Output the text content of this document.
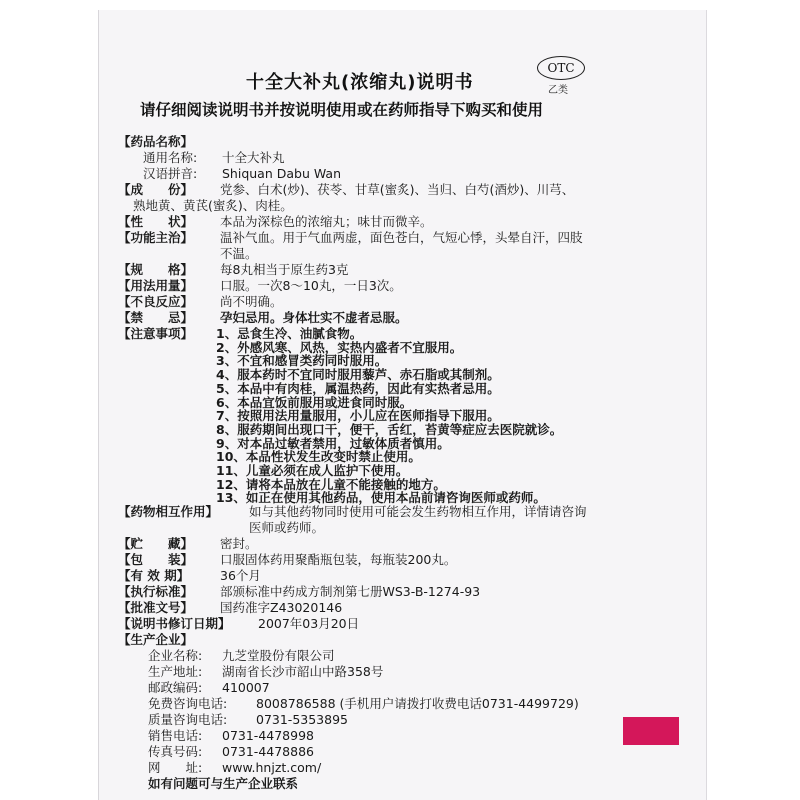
十全大补丸(浓缩丸)说明书
OTC
乙类
请仔细阅读说明书并按说明使用或在药师指导下购买和使用
【药品名称】
通用名称: 十全大补丸
汉语拼音: Shiquan Dabu Wan
【成　　份】 党参、白术(炒)、茯苓、甘草(蜜炙)、当归、白芍(酒炒)、川芎、
熟地黄、黄芪(蜜炙)、肉桂。
【性　　状】 本品为深棕色的浓缩丸；味甘而微辛。
【功能主治】 温补气血。用于气血两虚，面色苍白，气短心悸，头晕自汗，四肢
不温。
【规　　格】 每8丸相当于原生药3克
【用法用量】 口服。一次8～10丸，一日3次。
【不良反应】 尚不明确。
【禁　　忌】 孕妇忌用。身体壮实不虚者忌服。
【注意事项】 1、忌食生冷、油腻食物。
2、外感风寒、风热，实热内盛者不宜服用。
3、不宜和感冒类药同时服用。
4、服本药时不宜同时服用藜芦、赤石脂或其制剂。
5、本品中有肉桂，属温热药，因此有实热者忌用。
6、本品宜饭前服用或进食同时服。
7、按照用法用量服用，小儿应在医师指导下服用。
8、服药期间出现口干，便干，舌红，苔黄等症应去医院就诊。
9、对本品过敏者禁用，过敏体质者慎用。
10、本品性状发生改变时禁止使用。
11、儿童必须在成人监护下使用。
12、请将本品放在儿童不能接触的地方。
13、如正在使用其他药品，使用本品前请咨询医师或药师。
【药物相互作用】 如与其他药物同时使用可能会发生药物相互作用，详情请咨询
医师或药师。
【贮　　藏】 密封。
【包　　装】 口服固体药用聚酯瓶包装，每瓶装200丸。
【有 效 期】 36个月
【执行标准】 部颁标准中药成方制剂第七册WS3-B-1274-93
【批准文号】 国药准字Z43020146
【说明书修订日期】 2007年03月20日
【生产企业】
企业名称: 九芝堂股份有限公司
生产地址: 湖南省长沙市韶山中路358号
邮政编码: 410007
免费咨询电话: 8008786588 (手机用户请拨打收费电话0731-4499729)
质量咨询电话: 0731-5353895
销售电话: 0731-4478998
传真号码: 0731-4478886
网　　址: www.hnjzt.com/
如有问题可与生产企业联系
